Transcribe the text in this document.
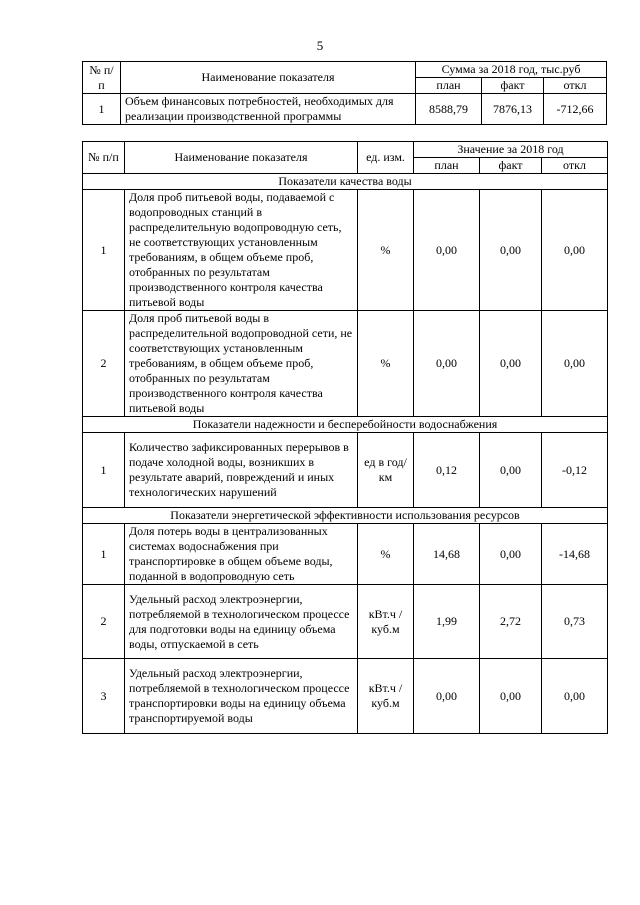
5
№ п/п	Наименование показателя	Сумма за 2018 год, тыс.руб		
		план	факт	откл
1	Объем финансовых потребностей, необходимых для реализации производственной программы	8588,79	7876,13	-712,66
№ п/п	Наименование показателя	ед. изм.	Значение за 2018 год		
			план	факт	откл
Показатели качества воды					
1	Доля проб питьевой воды, подаваемой с водопроводных станций в распределительную водопроводную сеть, не соответствующих установленным требованиям, в общем объеме проб, отобранных по результатам производственного контроля качества питьевой воды	%	0,00	0,00	0,00
2	Доля проб питьевой воды в распределительной водопроводной сети, не соответствующих установленным требованиям, в общем объеме проб, отобранных по результатам производственного контроля качества питьевой воды	%	0,00	0,00	0,00
Показатели надежности и бесперебойности водоснабжения					
1	Количество зафиксированных перерывов в подаче холодной воды, возникших в результате аварий, повреждений и иных технологических нарушений	ед в год/ км	0,12	0,00	-0,12
Показатели энергетической эффективности использования ресурсов					
1	Доля потерь воды в централизованных системах водоснабжения при транспортировке в общем объеме воды, поданной в водопроводную сеть	%	14,68	0,00	-14,68
2	Удельный расход электроэнергии, потребляемой в технологическом процессе для подготовки воды на единицу объема воды, отпускаемой в сеть	кВт.ч / куб.м	1,99	2,72	0,73
3	Удельный расход электроэнергии, потребляемой в технологическом процессе транспортировки воды на единицу объема транспортируемой воды	кВт.ч / куб.м	0,00	0,00	0,00
